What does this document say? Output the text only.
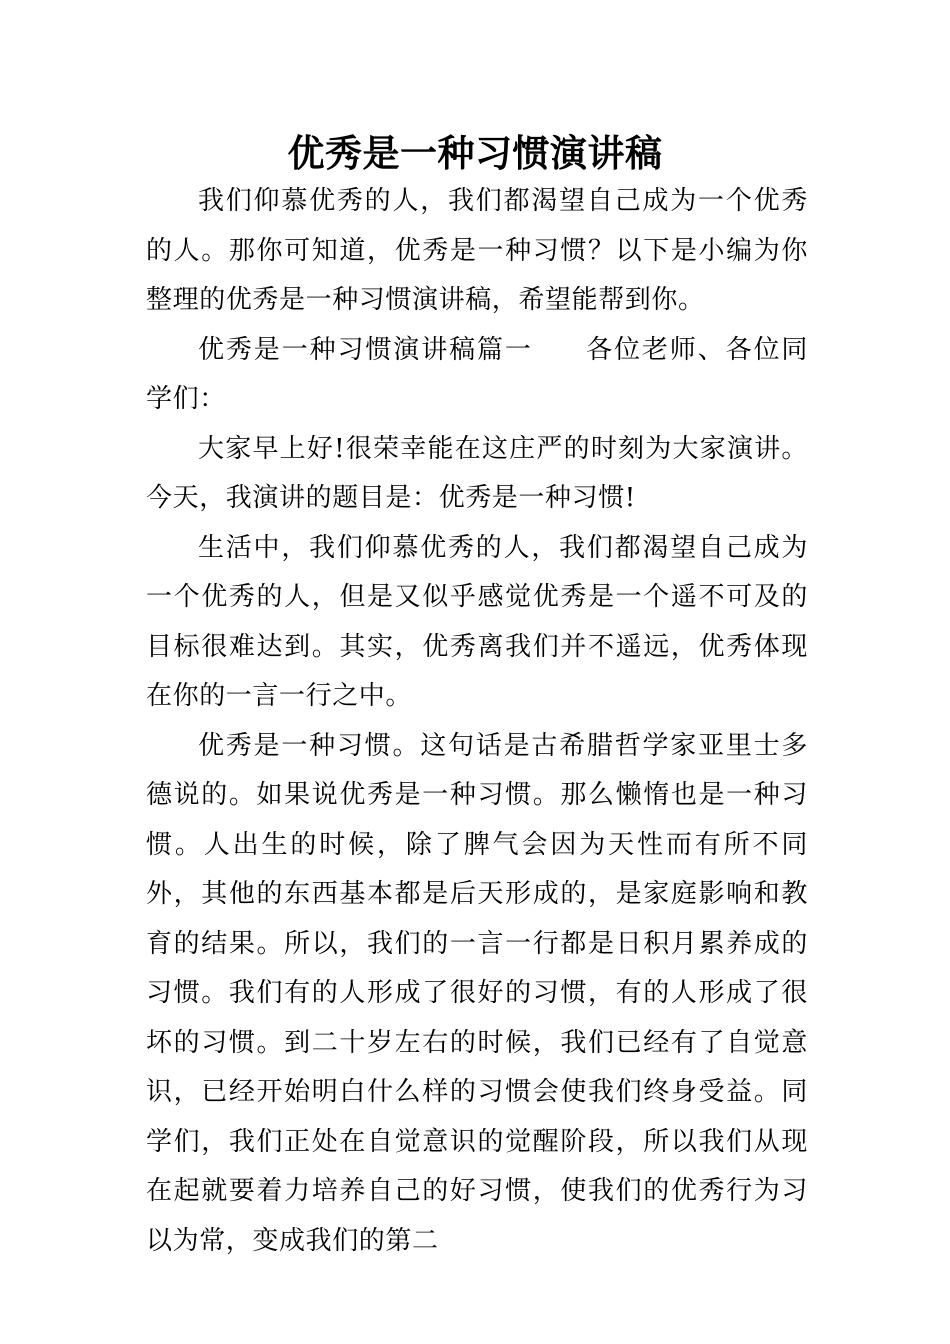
优秀是一种习惯演讲稿

我们仰慕优秀的人，我们都渴望自己成为一个优秀的人。那你可知道，优秀是一种习惯？以下是小编为你整理的优秀是一种习惯演讲稿，希望能帮到你。

优秀是一种习惯演讲稿篇一 各位老师、各位同学们：

大家早上好!很荣幸能在这庄严的时刻为大家演讲。今天，我演讲的题目是：优秀是一种习惯!

生活中，我们仰慕优秀的人，我们都渴望自己成为一个优秀的人，但是又似乎感觉优秀是一个遥不可及的目标很难达到。其实，优秀离我们并不遥远，优秀体现在你的一言一行之中。

优秀是一种习惯。这句话是古希腊哲学家亚里士多德说的。如果说优秀是一种习惯。那么懒惰也是一种习惯。人出生的时候，除了脾气会因为天性而有所不同外，其他的东西基本都是后天形成的，是家庭影响和教育的结果。所以，我们的一言一行都是日积月累养成的习惯。我们有的人形成了很好的习惯，有的人形成了很坏的习惯。到二十岁左右的时候，我们已经有了自觉意识，已经开始明白什么样的习惯会使我们终身受益。同学们，我们正处在自觉意识的觉醒阶段，所以我们从现在起就要着力培养自己的好习惯，使我们的优秀行为习以为常，变成我们的第二
